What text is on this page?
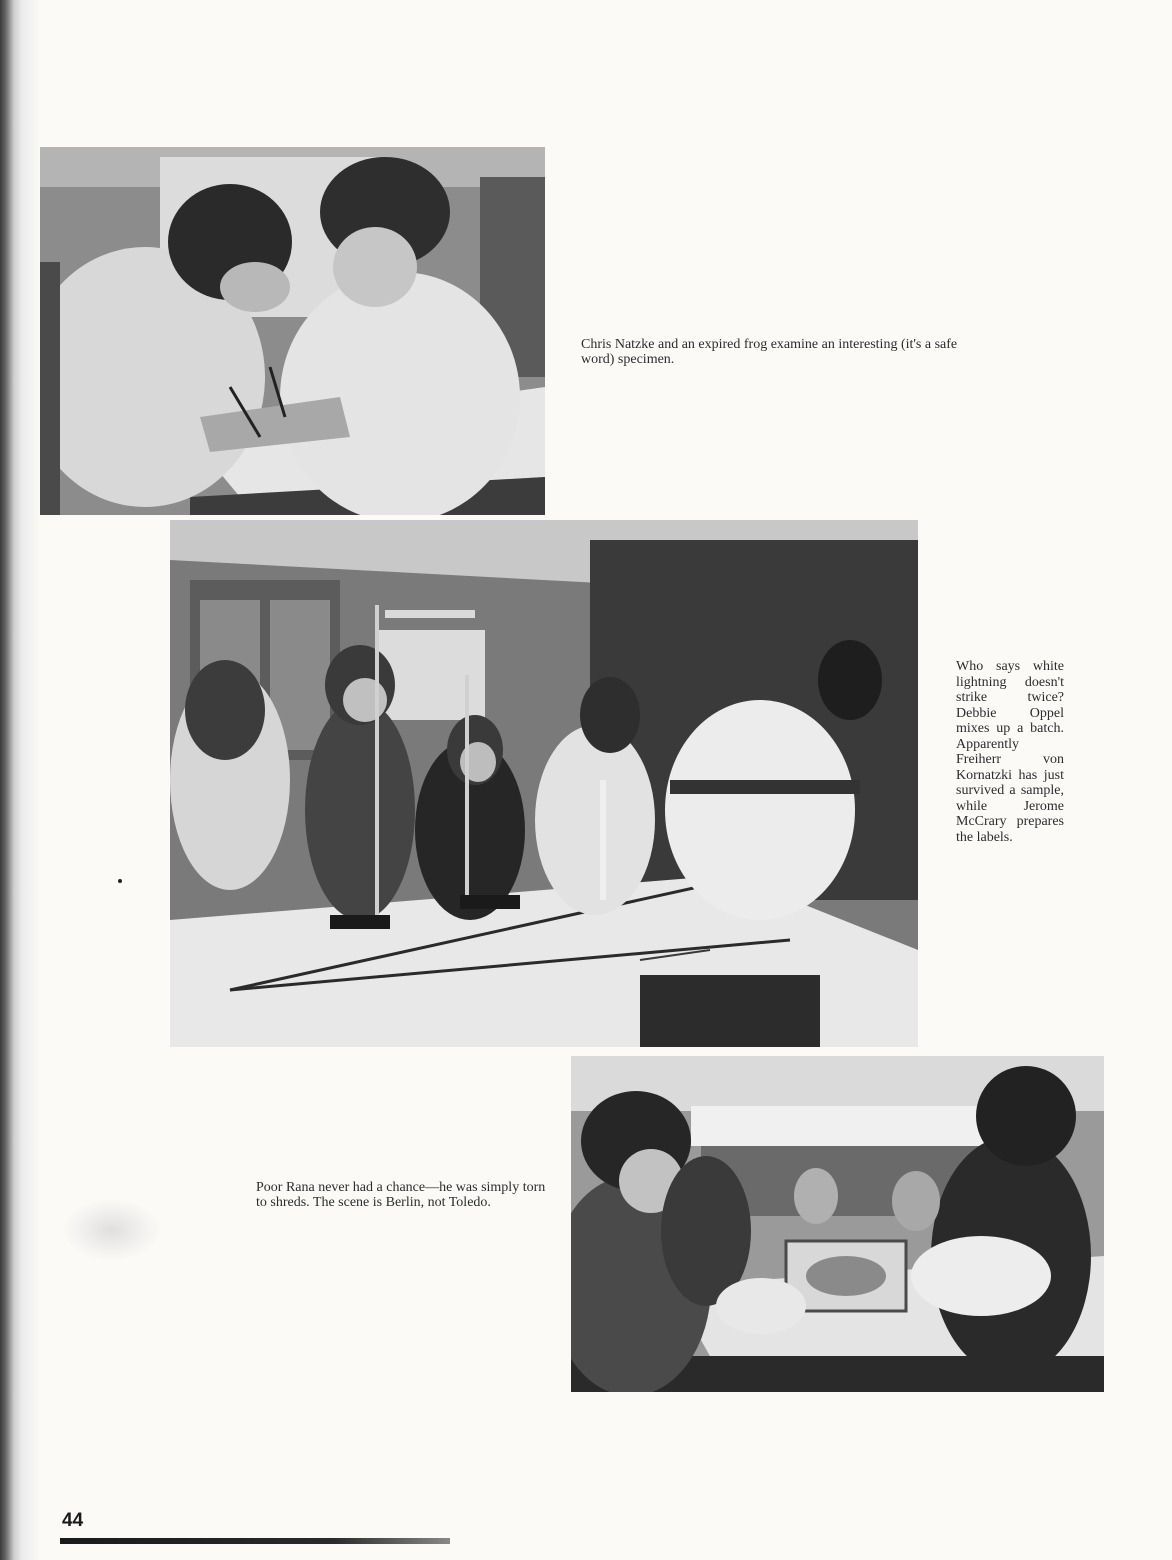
Chris Natzke and an expired frog examine an interesting (it's a safe word) specimen.

Who says white lightning doesn't strike twice? Debbie Oppel mixes up a batch. Apparently Freiherr von Kornatzki has just survived a sample, while Jerome McCrary prepares the labels.

Poor Rana never had a chance—he was simply torn to shreds. The scene is Berlin, not Toledo.

44
